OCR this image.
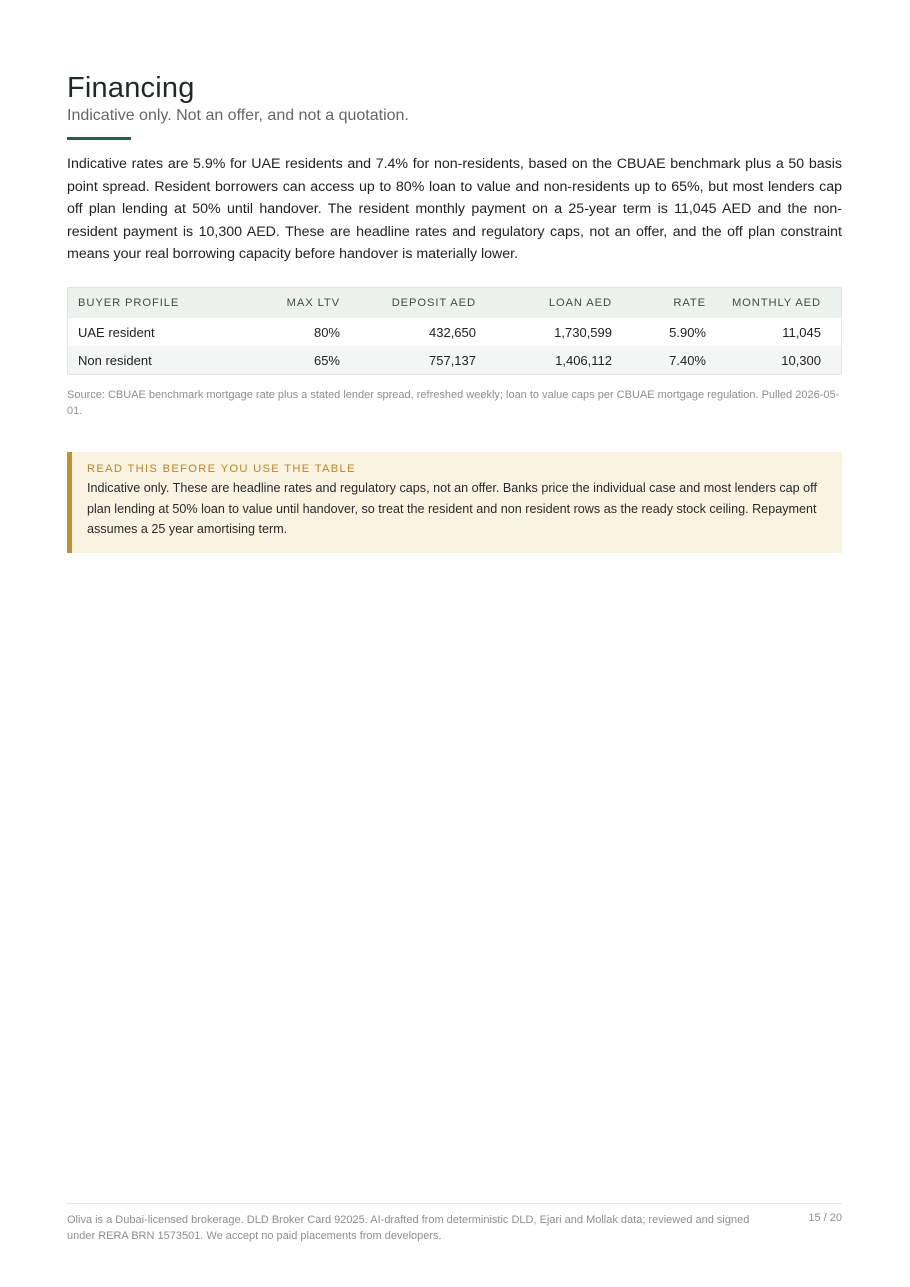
Financing
Indicative only. Not an offer, and not a quotation.

Indicative rates are 5.9% for UAE residents and 7.4% for non-residents, based on the CBUAE benchmark plus a 50 basis point spread. Resident borrowers can access up to 80% loan to value and non-residents up to 65%, but most lenders cap off plan lending at 50% until handover. The resident monthly payment on a 25-year term is 11,045 AED and the non-resident payment is 10,300 AED. These are headline rates and regulatory caps, not an offer, and the off plan constraint means your real borrowing capacity before handover is materially lower.

BUYER PROFILE	MAX LTV	DEPOSIT AED	LOAN AED	RATE	MONTHLY AED
UAE resident	80%	432,650	1,730,599	5.90%	11,045
Non resident	65%	757,137	1,406,112	7.40%	10,300
Source: CBUAE benchmark mortgage rate plus a stated lender spread, refreshed weekly; loan to value caps per CBUAE mortgage regulation. Pulled 2026-05-01.
READ THIS BEFORE YOU USE THE TABLE
Indicative only. These are headline rates and regulatory caps, not an offer. Banks price the individual case and most lenders cap off plan lending at 50% loan to value until handover, so treat the resident and non resident rows as the ready stock ceiling. Repayment assumes a 25 year amortising term.
Oliva is a Dubai-licensed brokerage. DLD Broker Card 92025. AI-drafted from deterministic DLD, Ejari and Mollak data; reviewed and signed under RERA BRN 1573501. We accept no paid placements from developers.
15 / 20
